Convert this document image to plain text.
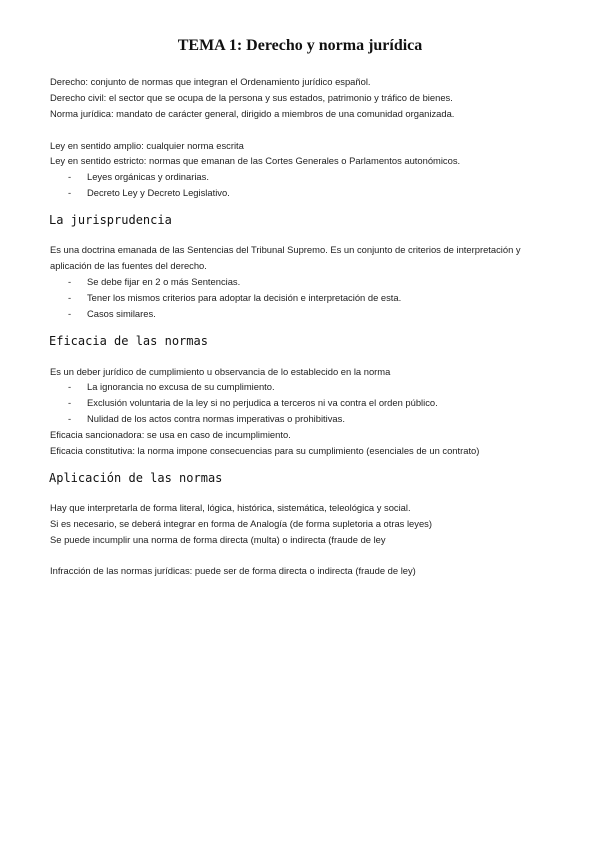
TEMA 1: Derecho y norma jurídica
Derecho: conjunto de normas que integran el Ordenamiento jurídico español.
Derecho civil: el sector que se ocupa de la persona y sus estados, patrimonio y tráfico de bienes.
Norma jurídica: mandato de carácter general, dirigido a miembros de una comunidad organizada.
Ley en sentido amplio: cualquier norma escrita
Ley en sentido estricto: normas que emanan de las Cortes Generales o Parlamentos autonómicos.
- Leyes orgánicas y ordinarias.
- Decreto Ley y Decreto Legislativo.
La jurisprudencia
Es una doctrina emanada de las Sentencias del Tribunal Supremo. Es un conjunto de criterios de interpretación y
aplicación de las fuentes del derecho.
- Se debe fijar en 2 o más Sentencias.
- Tener los mismos criterios para adoptar la decisión e interpretación de esta.
- Casos similares.
Eficacia de las normas
Es un deber jurídico de cumplimiento u observancia de lo establecido en la norma
- La ignorancia no excusa de su cumplimiento.
- Exclusión voluntaria de la ley si no perjudica a terceros ni va contra el orden público.
- Nulidad de los actos contra normas imperativas o prohibitivas.
Eficacia sancionadora: se usa en caso de incumplimiento.
Eficacia constitutiva: la norma impone consecuencias para su cumplimiento (esenciales de un contrato)
Aplicación de las normas
Hay que interpretarla de forma literal, lógica, histórica, sistemática, teleológica y social.
Si es necesario, se deberá integrar en forma de Analogía (de forma supletoria a otras leyes)
Se puede incumplir una norma de forma directa (multa) o indirecta (fraude de ley
Infracción de las normas jurídicas: puede ser de forma directa o indirecta (fraude de ley)
